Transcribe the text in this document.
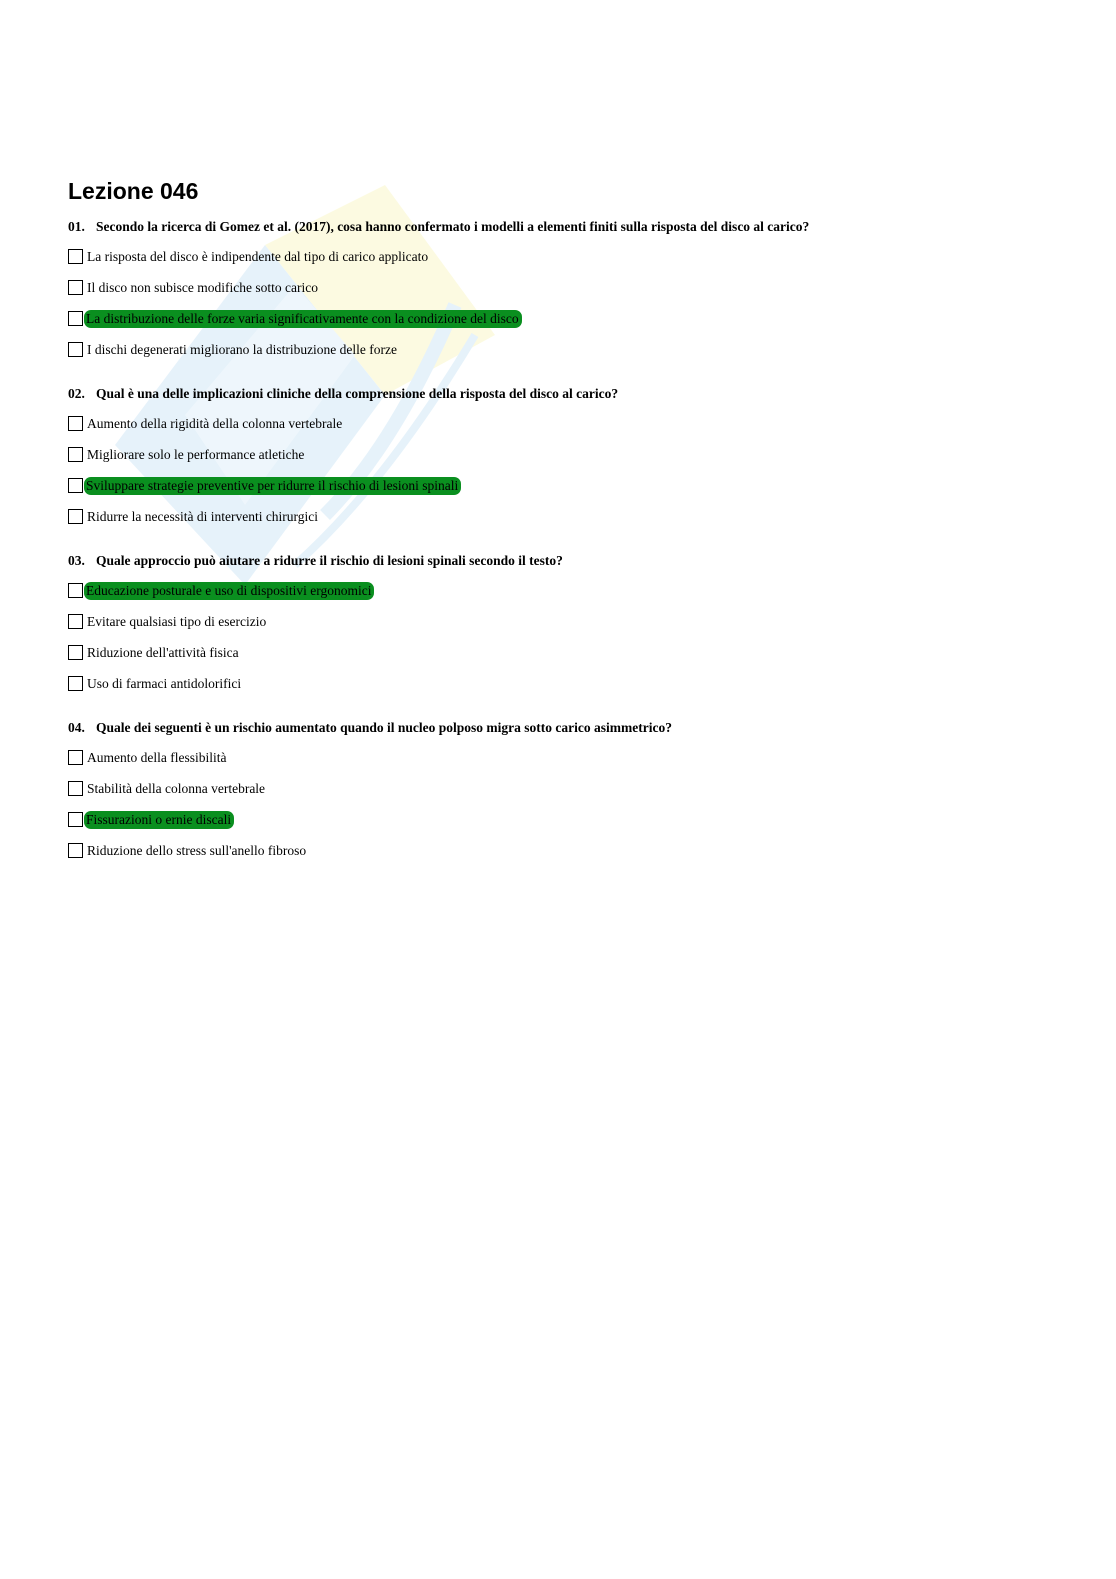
Lezione 046

01. Secondo la ricerca di Gomez et al. (2017), cosa hanno confermato i modelli a elementi finiti sulla risposta del disco al carico?

La risposta del disco è indipendente dal tipo di carico applicato
Il disco non subisce modifiche sotto carico
La distribuzione delle forze varia significativamente con la condizione del disco
I dischi degenerati migliorano la distribuzione delle forze

02. Qual è una delle implicazioni cliniche della comprensione della risposta del disco al carico?

Aumento della rigidità della colonna vertebrale
Migliorare solo le performance atletiche
Sviluppare strategie preventive per ridurre il rischio di lesioni spinali
Ridurre la necessità di interventi chirurgici

03. Quale approccio può aiutare a ridurre il rischio di lesioni spinali secondo il testo?

Educazione posturale e uso di dispositivi ergonomici
Evitare qualsiasi tipo di esercizio
Riduzione dell'attività fisica
Uso di farmaci antidolorifici

04. Quale dei seguenti è un rischio aumentato quando il nucleo polposo migra sotto carico asimmetrico?

Aumento della flessibilità
Stabilità della colonna vertebrale
Fissurazioni o ernie discali
Riduzione dello stress sull'anello fibroso
